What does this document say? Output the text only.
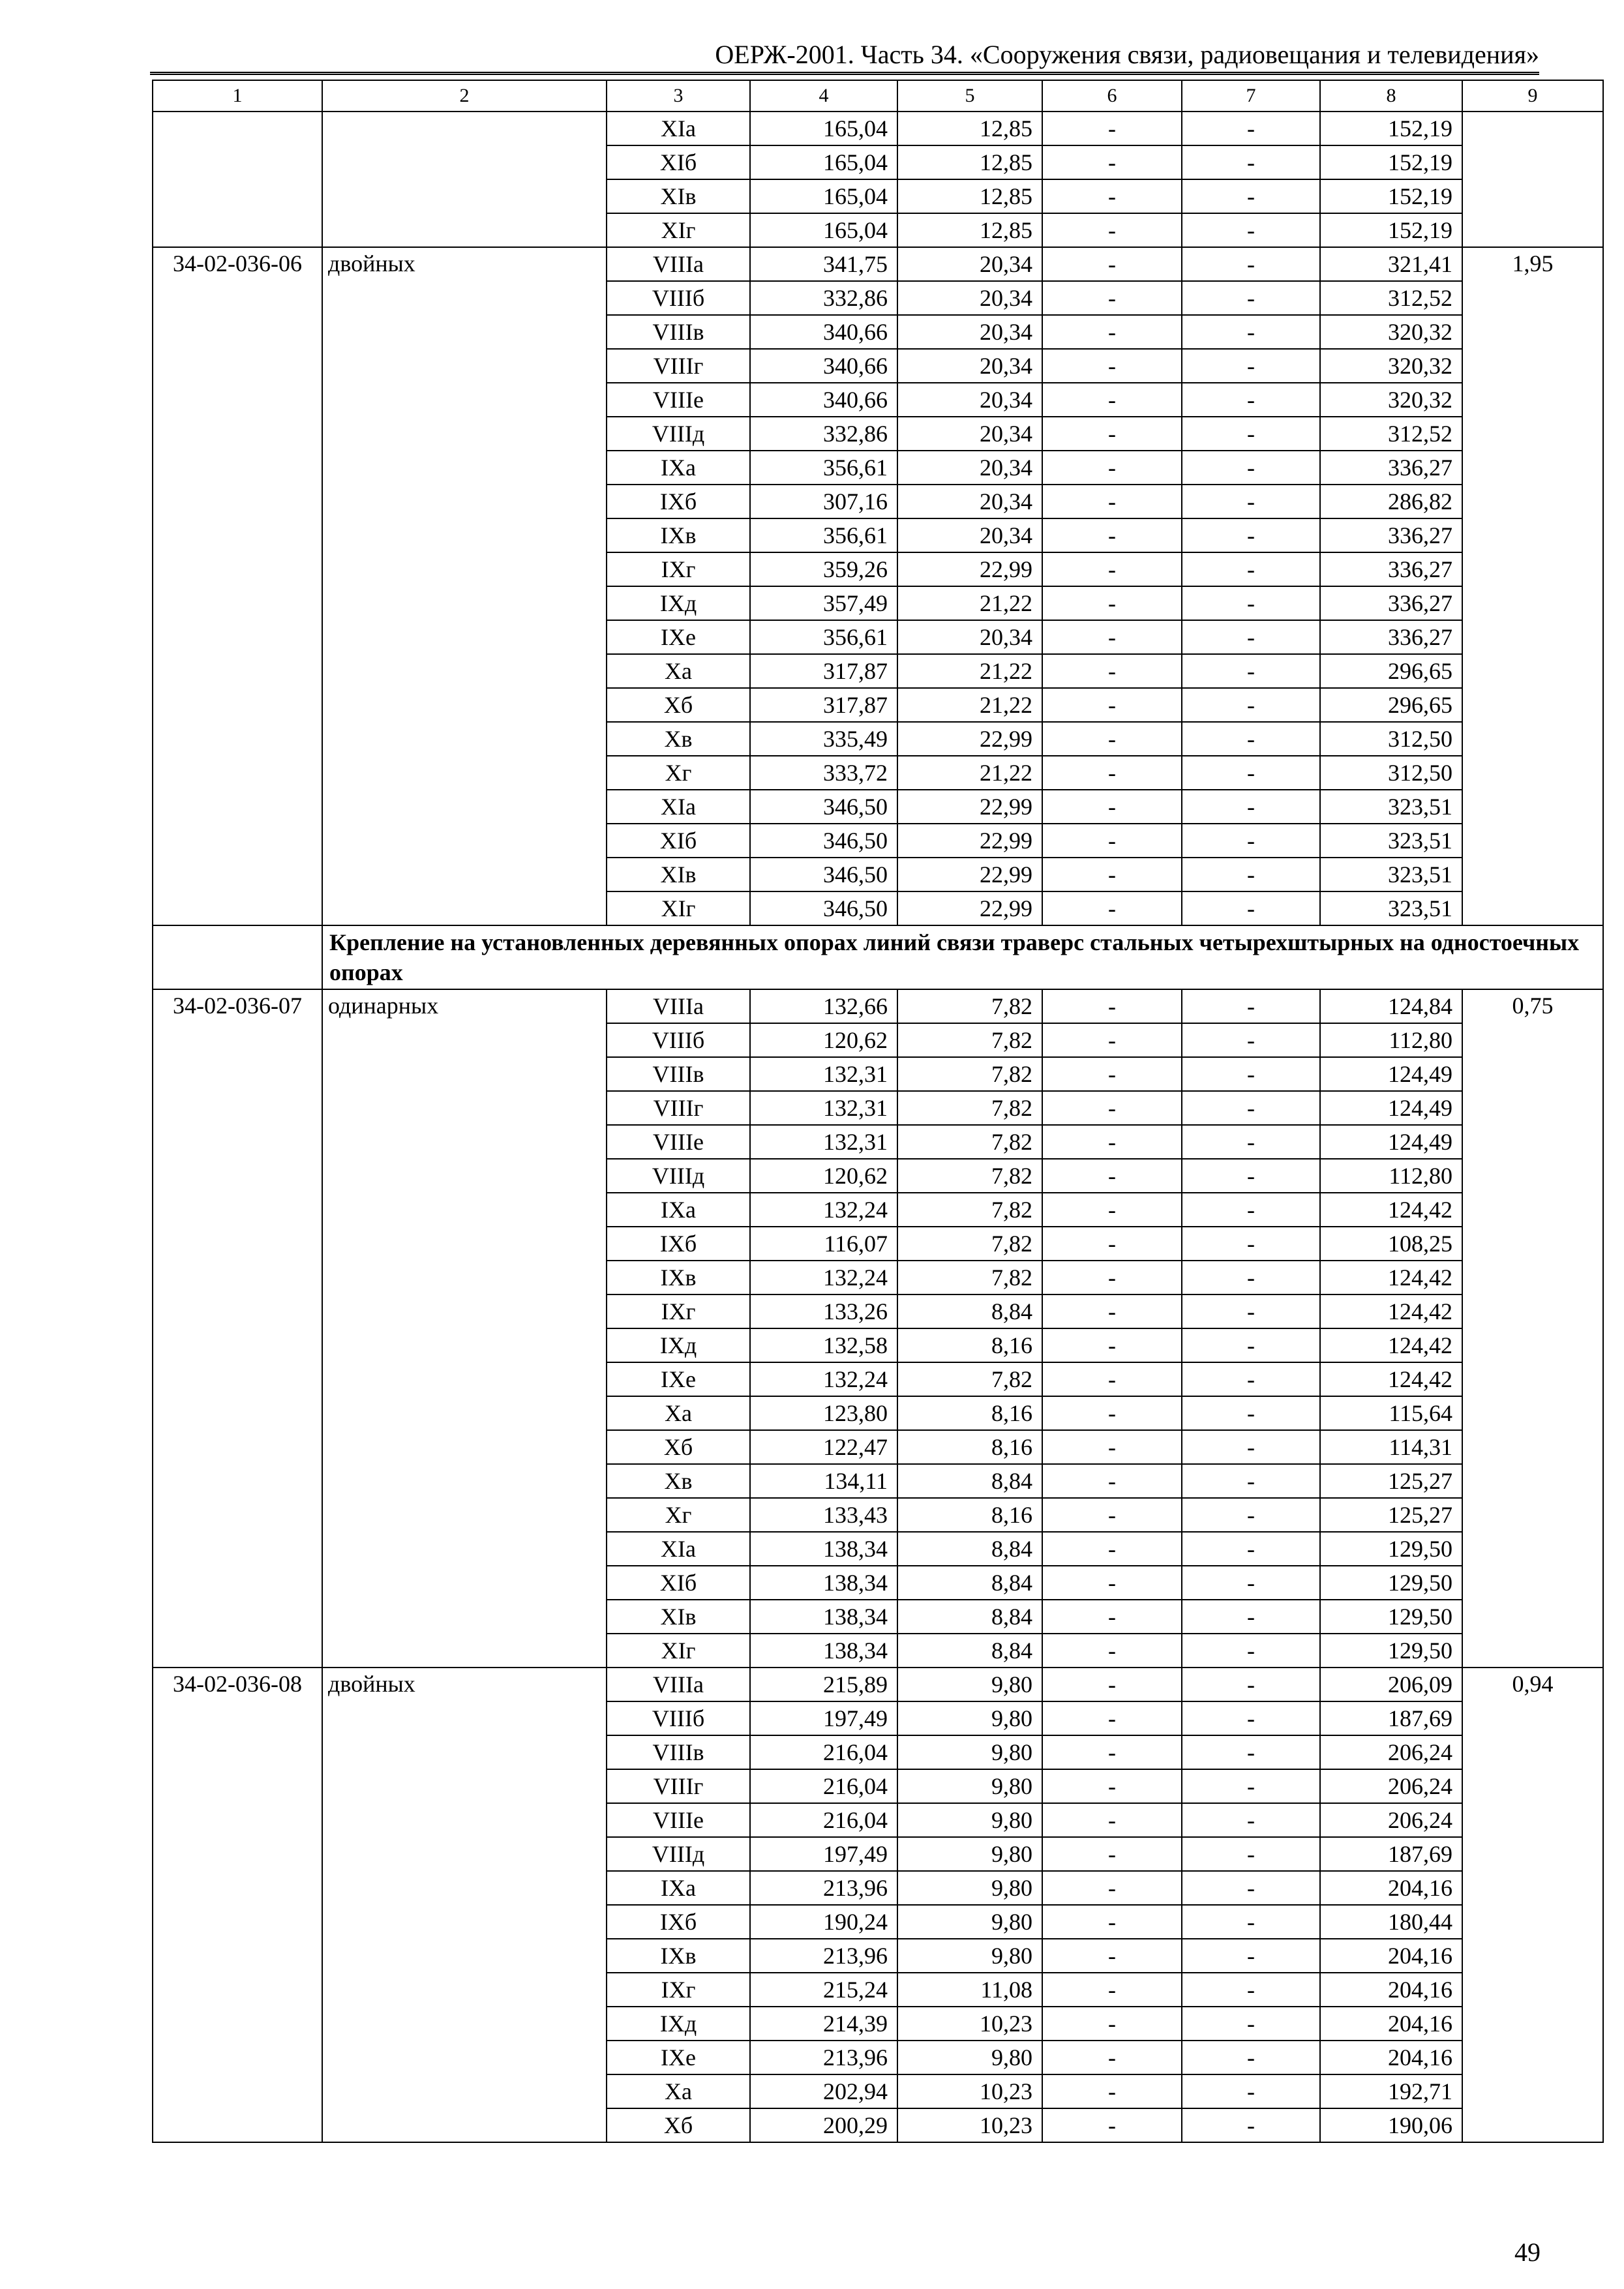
ОЕРЖ-2001. Часть 34. «Сооружения связи, радиовещания и телевидения»
1	2	3	4	5	6	7	8	9
		XIа	165,04	12,85	-	-	152,19	
		XIб	165,04	12,85	-	-	152,19	
		XIв	165,04	12,85	-	-	152,19	
		XIг	165,04	12,85	-	-	152,19	
34-02-036-06	двойных	VIIIа	341,75	20,34	-	-	321,41	1,95
		VIIIб	332,86	20,34	-	-	312,52	
		VIIIв	340,66	20,34	-	-	320,32	
		VIIIг	340,66	20,34	-	-	320,32	
		VIIIе	340,66	20,34	-	-	320,32	
		VIIIд	332,86	20,34	-	-	312,52	
		IXа	356,61	20,34	-	-	336,27	
		IXб	307,16	20,34	-	-	286,82	
		IXв	356,61	20,34	-	-	336,27	
		IXг	359,26	22,99	-	-	336,27	
		IXд	357,49	21,22	-	-	336,27	
		IXе	356,61	20,34	-	-	336,27	
		Xа	317,87	21,22	-	-	296,65	
		Xб	317,87	21,22	-	-	296,65	
		Xв	335,49	22,99	-	-	312,50	
		Xг	333,72	21,22	-	-	312,50	
		XIа	346,50	22,99	-	-	323,51	
		XIб	346,50	22,99	-	-	323,51	
		XIв	346,50	22,99	-	-	323,51	
		XIг	346,50	22,99	-	-	323,51	
	Крепление на установленных деревянных опорах линий связи траверс стальных четырехштырных на одностоечных опорах							
34-02-036-07	одинарных	VIIIа	132,66	7,82	-	-	124,84	0,75
		VIIIб	120,62	7,82	-	-	112,80	
		VIIIв	132,31	7,82	-	-	124,49	
		VIIIг	132,31	7,82	-	-	124,49	
		VIIIе	132,31	7,82	-	-	124,49	
		VIIIд	120,62	7,82	-	-	112,80	
		IXа	132,24	7,82	-	-	124,42	
		IXб	116,07	7,82	-	-	108,25	
		IXв	132,24	7,82	-	-	124,42	
		IXг	133,26	8,84	-	-	124,42	
		IXд	132,58	8,16	-	-	124,42	
		IXе	132,24	7,82	-	-	124,42	
		Xа	123,80	8,16	-	-	115,64	
		Xб	122,47	8,16	-	-	114,31	
		Xв	134,11	8,84	-	-	125,27	
		Xг	133,43	8,16	-	-	125,27	
		XIа	138,34	8,84	-	-	129,50	
		XIб	138,34	8,84	-	-	129,50	
		XIв	138,34	8,84	-	-	129,50	
		XIг	138,34	8,84	-	-	129,50	
34-02-036-08	двойных	VIIIа	215,89	9,80	-	-	206,09	0,94
		VIIIб	197,49	9,80	-	-	187,69	
		VIIIв	216,04	9,80	-	-	206,24	
		VIIIг	216,04	9,80	-	-	206,24	
		VIIIе	216,04	9,80	-	-	206,24	
		VIIIд	197,49	9,80	-	-	187,69	
		IXа	213,96	9,80	-	-	204,16	
		IXб	190,24	9,80	-	-	180,44	
		IXв	213,96	9,80	-	-	204,16	
		IXг	215,24	11,08	-	-	204,16	
		IXд	214,39	10,23	-	-	204,16	
		IXе	213,96	9,80	-	-	204,16	
		Xа	202,94	10,23	-	-	192,71	
		Xб	200,29	10,23	-	-	190,06	
49
